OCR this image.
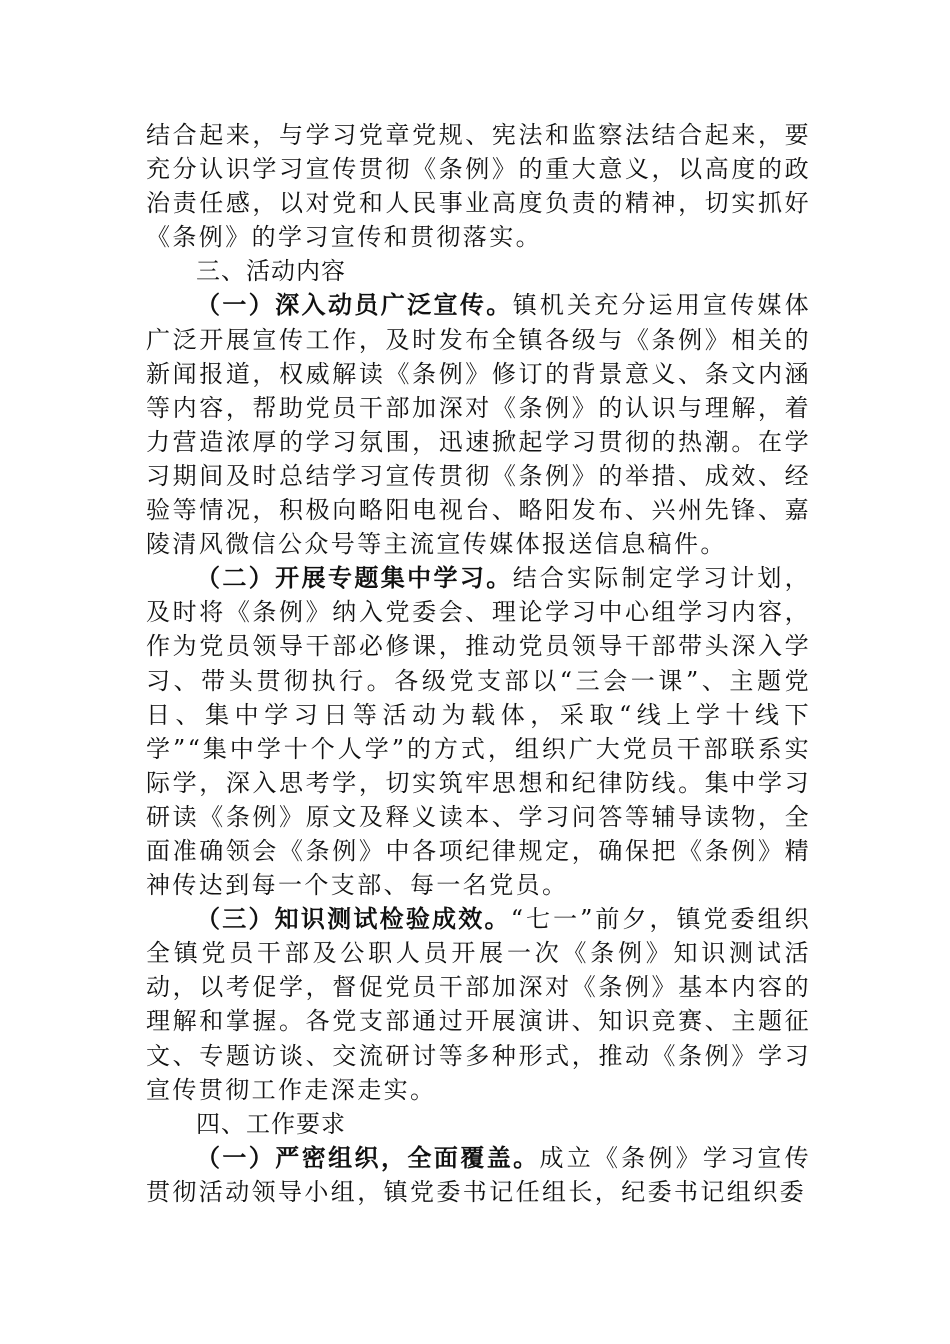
结合起来，与学习党章党规、宪法和监察法结合起来，要充分认识学习宣传贯彻《条例》的重大意义，以高度的政治责任感，以对党和人民事业高度负责的精神，切实抓好《条例》的学习宣传和贯彻落实。

三、活动内容

（一）深入动员广泛宣传。镇机关充分运用宣传媒体广泛开展宣传工作，及时发布全镇各级与《条例》相关的新闻报道，权威解读《条例》修订的背景意义、条文内涵等内容，帮助党员干部加深对《条例》的认识与理解，着力营造浓厚的学习氛围，迅速掀起学习贯彻的热潮。在学习期间及时总结学习宣传贯彻《条例》的举措、成效、经验等情况，积极向略阳电视台、略阳发布、兴州先锋、嘉陵清风微信公众号等主流宣传媒体报送信息稿件。

（二）开展专题集中学习。结合实际制定学习计划，及时将《条例》纳入党委会、理论学习中心组学习内容，作为党员领导干部必修课，推动党员领导干部带头深入学习、带头贯彻执行。各级党支部以“三会一课”、主题党日、集中学习日等活动为载体，采取“线上学十线下学”“集中学十个人学”的方式，组织广大党员干部联系实际学，深入思考学，切实筑牢思想和纪律防线。集中学习研读《条例》原文及释义读本、学习问答等辅导读物，全面准确领会《条例》中各项纪律规定，确保把《条例》精神传达到每一个支部、每一名党员。

（三）知识测试检验成效。“七一”前夕，镇党委组织全镇党员干部及公职人员开展一次《条例》知识测试活动，以考促学，督促党员干部加深对《条例》基本内容的理解和掌握。各党支部通过开展演讲、知识竞赛、主题征文、专题访谈、交流研讨等多种形式，推动《条例》学习宣传贯彻工作走深走实。

四、工作要求

（一）严密组织，全面覆盖。成立《条例》学习宣传贯彻活动领导小组，镇党委书记任组长，纪委书记组织委
